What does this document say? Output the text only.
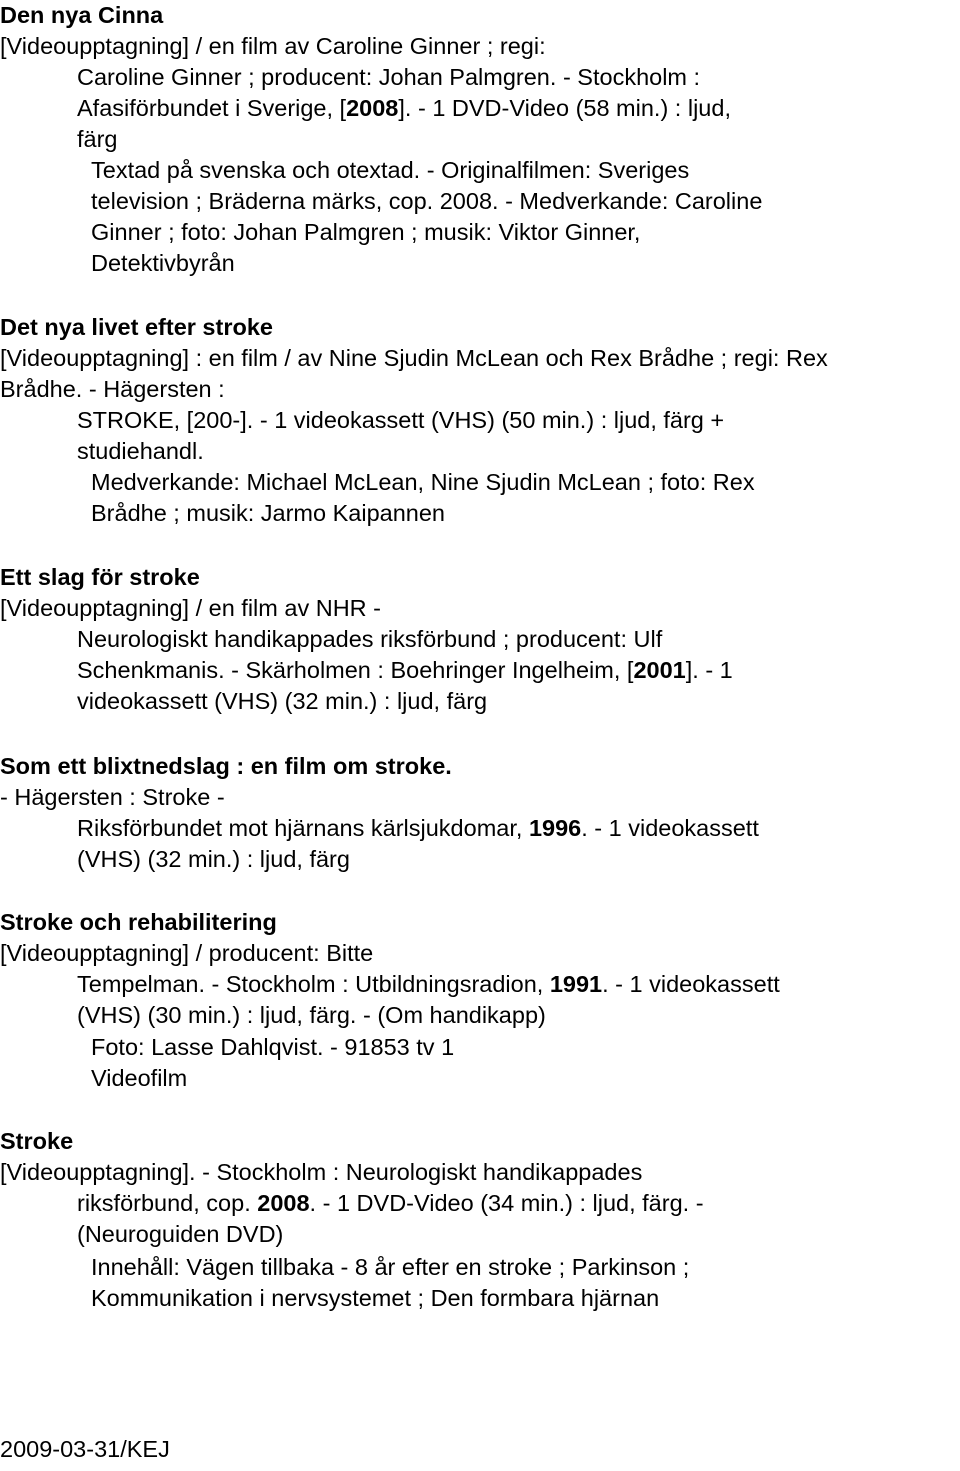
Den nya Cinna
[Videoupptagning] / en film av Caroline Ginner ; regi:
Caroline Ginner ; producent: Johan Palmgren. - Stockholm :
Afasiförbundet i Sverige, [2008]. - 1 DVD-Video (58 min.) : ljud,
färg
Textad på svenska och otextad. - Originalfilmen: Sveriges
television ; Bräderna märks, cop. 2008. - Medverkande: Caroline
Ginner ; foto: Johan Palmgren ; musik: Viktor Ginner,
Detektivbyrån
Det nya livet efter stroke
[Videoupptagning] : en film / av Nine Sjudin McLean och Rex Brådhe ; regi: Rex
Brådhe. - Hägersten :
STROKE, [200-]. - 1 videokassett (VHS) (50 min.) : ljud, färg +
studiehandl.
Medverkande: Michael McLean, Nine Sjudin McLean ; foto: Rex
Brådhe ; musik: Jarmo Kaipannen
Ett slag för stroke
[Videoupptagning] / en film av NHR -
Neurologiskt handikappades riksförbund ; producent: Ulf
Schenkmanis. - Skärholmen : Boehringer Ingelheim, [2001]. - 1
videokassett (VHS) (32 min.) : ljud, färg
Som ett blixtnedslag : en film om stroke.
- Hägersten : Stroke -
Riksförbundet mot hjärnans kärlsjukdomar, 1996. - 1 videokassett
(VHS) (32 min.) : ljud, färg
Stroke och rehabilitering
[Videoupptagning] / producent: Bitte
Tempelman. - Stockholm : Utbildningsradion, 1991. - 1 videokassett
(VHS) (30 min.) : ljud, färg. - (Om handikapp)
Foto: Lasse Dahlqvist. - 91853 tv 1
Videofilm
Stroke
[Videoupptagning]. - Stockholm : Neurologiskt handikappades
riksförbund, cop. 2008. - 1 DVD-Video (34 min.) : ljud, färg. -
(Neuroguiden DVD)
Innehåll: Vägen tillbaka - 8 år efter en stroke ; Parkinson ;
Kommunikation i nervsystemet ; Den formbara hjärnan
2009-03-31/KEJ
